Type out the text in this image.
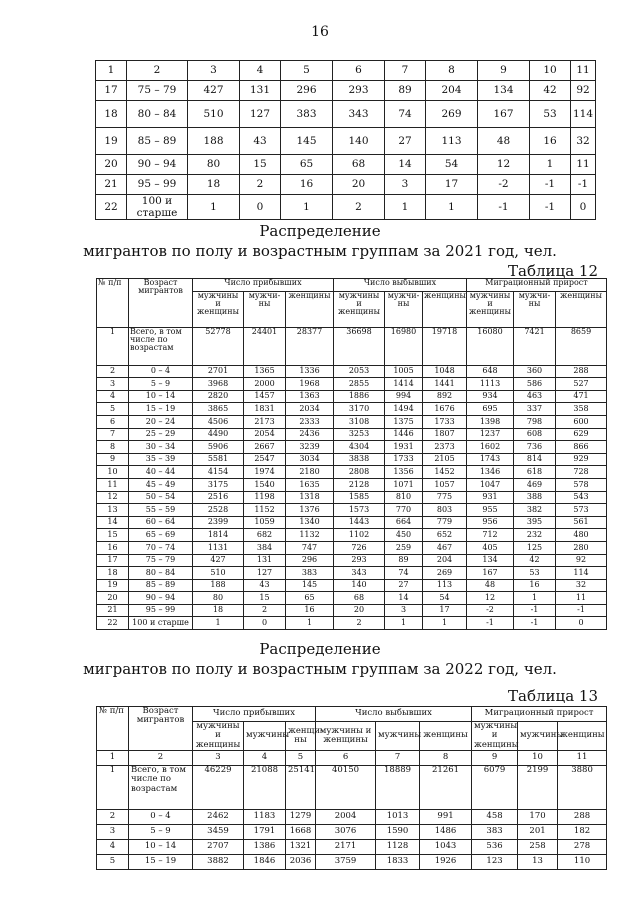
16
1	2	3	4	5	6	7	8	9	10	11
17	75 – 79	427	131	296	293	89	204	134	42	92
18	80 – 84	510	127	383	343	74	269	167	53	114
19	85 – 89	188	43	145	140	27	113	48	16	32
20	90 – 94	80	15	65	68	14	54	12	1	11
21	95 – 99	18	2	16	20	3	17	-2	-1	-1
22	100 и старше	1	0	1	2	1	1	-1	-1	0
Распределение
мигрантов по полу и возрастным группам за 2021 год, чел.
Таблица 12
№ п/п	Возраст мигрантов	Число прибывших			Число выбывших			Миграционный прирост		
		мужчины и женщины	мужчи-ны	женщины	мужчины и женщины	мужчи-ны	женщины	мужчины и женщины	мужчи-ны	женщины
1	Всего, в том числе по возрастам	52778	24401	28377	36698	16980	19718	16080	7421	8659
2	0 – 4	2701	1365	1336	2053	1005	1048	648	360	288
3	5 – 9	3968	2000	1968	2855	1414	1441	1113	586	527
4	10 – 14	2820	1457	1363	1886	994	892	934	463	471
5	15 – 19	3865	1831	2034	3170	1494	1676	695	337	358
6	20 – 24	4506	2173	2333	3108	1375	1733	1398	798	600
7	25 – 29	4490	2054	2436	3253	1446	1807	1237	608	629
8	30 – 34	5906	2667	3239	4304	1931	2373	1602	736	866
9	35 – 39	5581	2547	3034	3838	1733	2105	1743	814	929
10	40 – 44	4154	1974	2180	2808	1356	1452	1346	618	728
11	45 – 49	3175	1540	1635	2128	1071	1057	1047	469	578
12	50 – 54	2516	1198	1318	1585	810	775	931	388	543
13	55 – 59	2528	1152	1376	1573	770	803	955	382	573
14	60 – 64	2399	1059	1340	1443	664	779	956	395	561
15	65 – 69	1814	682	1132	1102	450	652	712	232	480
16	70 – 74	1131	384	747	726	259	467	405	125	280
17	75 – 79	427	131	296	293	89	204	134	42	92
18	80 – 84	510	127	383	343	74	269	167	53	114
19	85 – 89	188	43	145	140	27	113	48	16	32
20	90 – 94	80	15	65	68	14	54	12	1	11
21	95 – 99	18	2	16	20	3	17	-2	-1	-1
22	100 и старше	1	0	1	2	1	1	-1	-1	0
Распределение
мигрантов по полу и возрастным группам за 2022 год, чел.
Таблица 13
№ п/п	Возраст мигрантов	Число прибывших			Число выбывших			Миграционный прирост		
		мужчины и женщины	мужчины	женщи-ны	мужчины и женщины	мужчины	женщины	мужчины и женщины	мужчины	женщины
1	2	3	4	5	6	7	8	9	10	11
1	Всего, в том числе по возрастам	46229	21088	25141	40150	18889	21261	6079	2199	3880
2	0 – 4	2462	1183	1279	2004	1013	991	458	170	288
3	5 – 9	3459	1791	1668	3076	1590	1486	383	201	182
4	10 – 14	2707	1386	1321	2171	1128	1043	536	258	278
5	15 – 19	3882	1846	2036	3759	1833	1926	123	13	110
